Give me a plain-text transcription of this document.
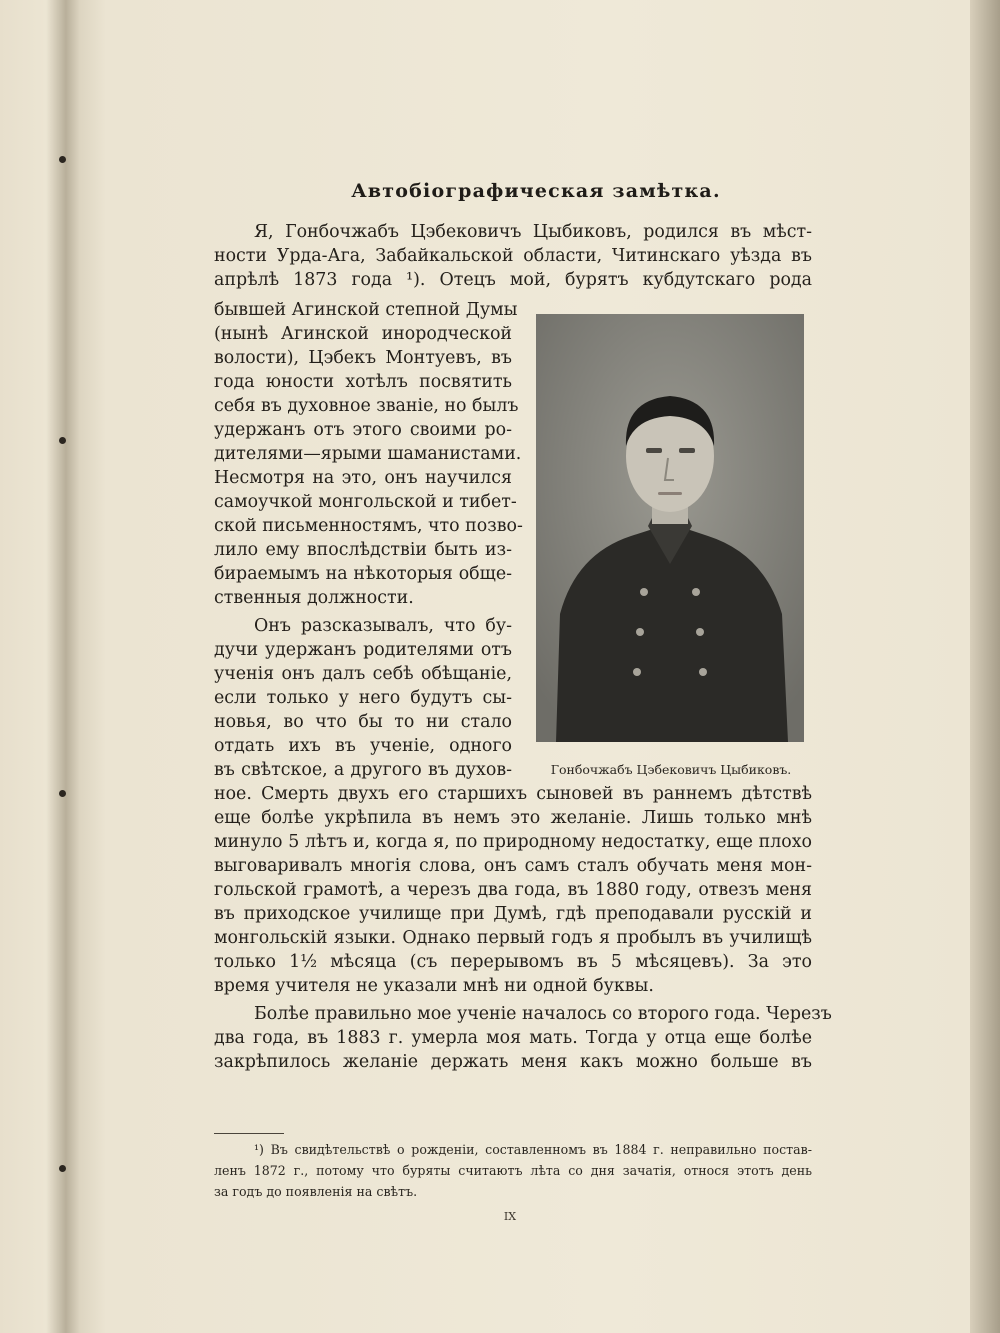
Автобіографическая замѣтка.

Я, Гонбочжабъ Цэбековичъ Цыбиковъ, родился въ мѣст-

ности Урда-Ага, Забайкальской области, Читинскаго уѣзда въ

апрѣлѣ 1873 года ¹). Отецъ мой, бурятъ кубдутскаго рода

бывшей Агинской степной Думы

(нынѣ Агинской инородческой

волости), Цэбекъ Монтуевъ, въ

года юности хотѣлъ посвятить

себя въ духовное званіе, но былъ

удержанъ отъ этого своими ро-

дителями—ярыми шаманистами.

Несмотря на это, онъ научился

самоучкой монгольской и тибет-

ской письменностямъ, что позво-

лило ему впослѣдствіи быть из-

бираемымъ на нѣкоторыя обще-

ственныя должности.

Онъ разсказывалъ, что бу-

дучи удержанъ родителями отъ

ученія онъ далъ себѣ обѣщаніе,

если только у него будутъ сы-

новья, во что бы то ни стало

отдать ихъ въ ученіе, одного

въ свѣтское, а другого въ духов-

ное. Смерть двухъ его старшихъ сыновей въ раннемъ дѣтствѣ

еще болѣе укрѣпила въ немъ это желаніе. Лишь только мнѣ

минуло 5 лѣтъ и, когда я, по природному недостатку, еще плохо

выговаривалъ многія слова, онъ самъ сталъ обучать меня мон-

гольской грамотѣ, а черезъ два года, въ 1880 году, отвезъ меня

въ приходское училище при Думѣ, гдѣ преподавали русскій и

монгольскій языки. Однако первый годъ я пробылъ въ училищѣ

только 1½ мѣсяца (съ перерывомъ въ 5 мѣсяцевъ). За это

время учителя не указали мнѣ ни одной буквы.

Болѣе правильно мое ученіе началось со второго года. Черезъ

два года, въ 1883 г. умерла моя мать. Тогда у отца еще болѣе

закрѣпилось желаніе держать меня какъ можно больше въ

Гонбочжабъ Цэбековичъ Цыбиковъ.

¹) Въ свидѣтельствѣ о рожденіи, составленномъ въ 1884 г. неправильно постав-

ленъ 1872 г., потому что буряты считаютъ лѣта со дня зачатія, относя этотъ день

за годъ до появленія на свѣтъ.

IX
